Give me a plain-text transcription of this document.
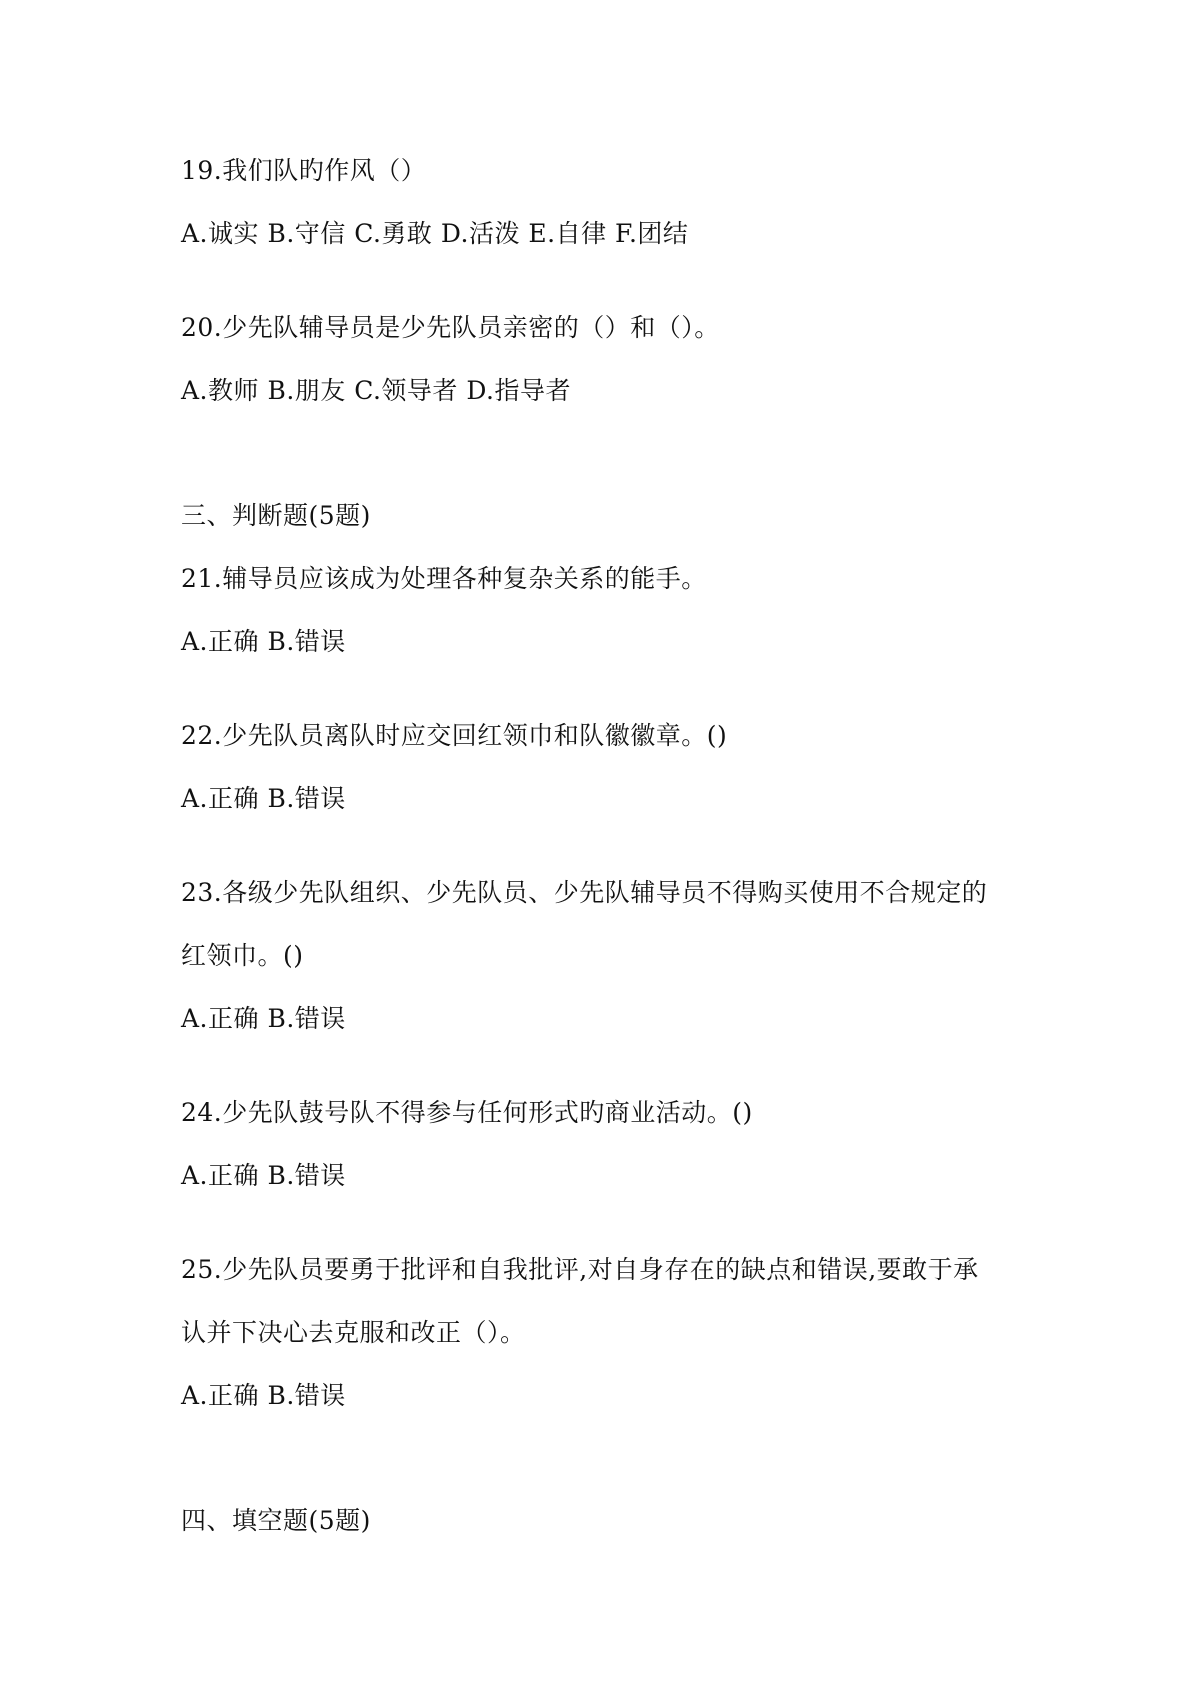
19.我们队旳作风（）
A.诚实 B.守信 C.勇敢 D.活泼 E.自律 F.团结
20.少先队辅导员是少先队员亲密的（）和（）。
A.教师 B.朋友 C.领导者 D.指导者
三、判断题(5题)
21.辅导员应该成为处理各种复杂关系的能手。
A.正确 B.错误
22.少先队员离队时应交回红领巾和队徽徽章。()
A.正确 B.错误
23.各级少先队组织、少先队员、少先队辅导员不得购买使用不合规定的
红领巾。()
A.正确 B.错误
24.少先队鼓号队不得参与任何形式旳商业活动。()
A.正确 B.错误
25.少先队员要勇于批评和自我批评,对自身存在的缺点和错误,要敢于承
认并下决心去克服和改正（）。
A.正确 B.错误
四、填空题(5题)
